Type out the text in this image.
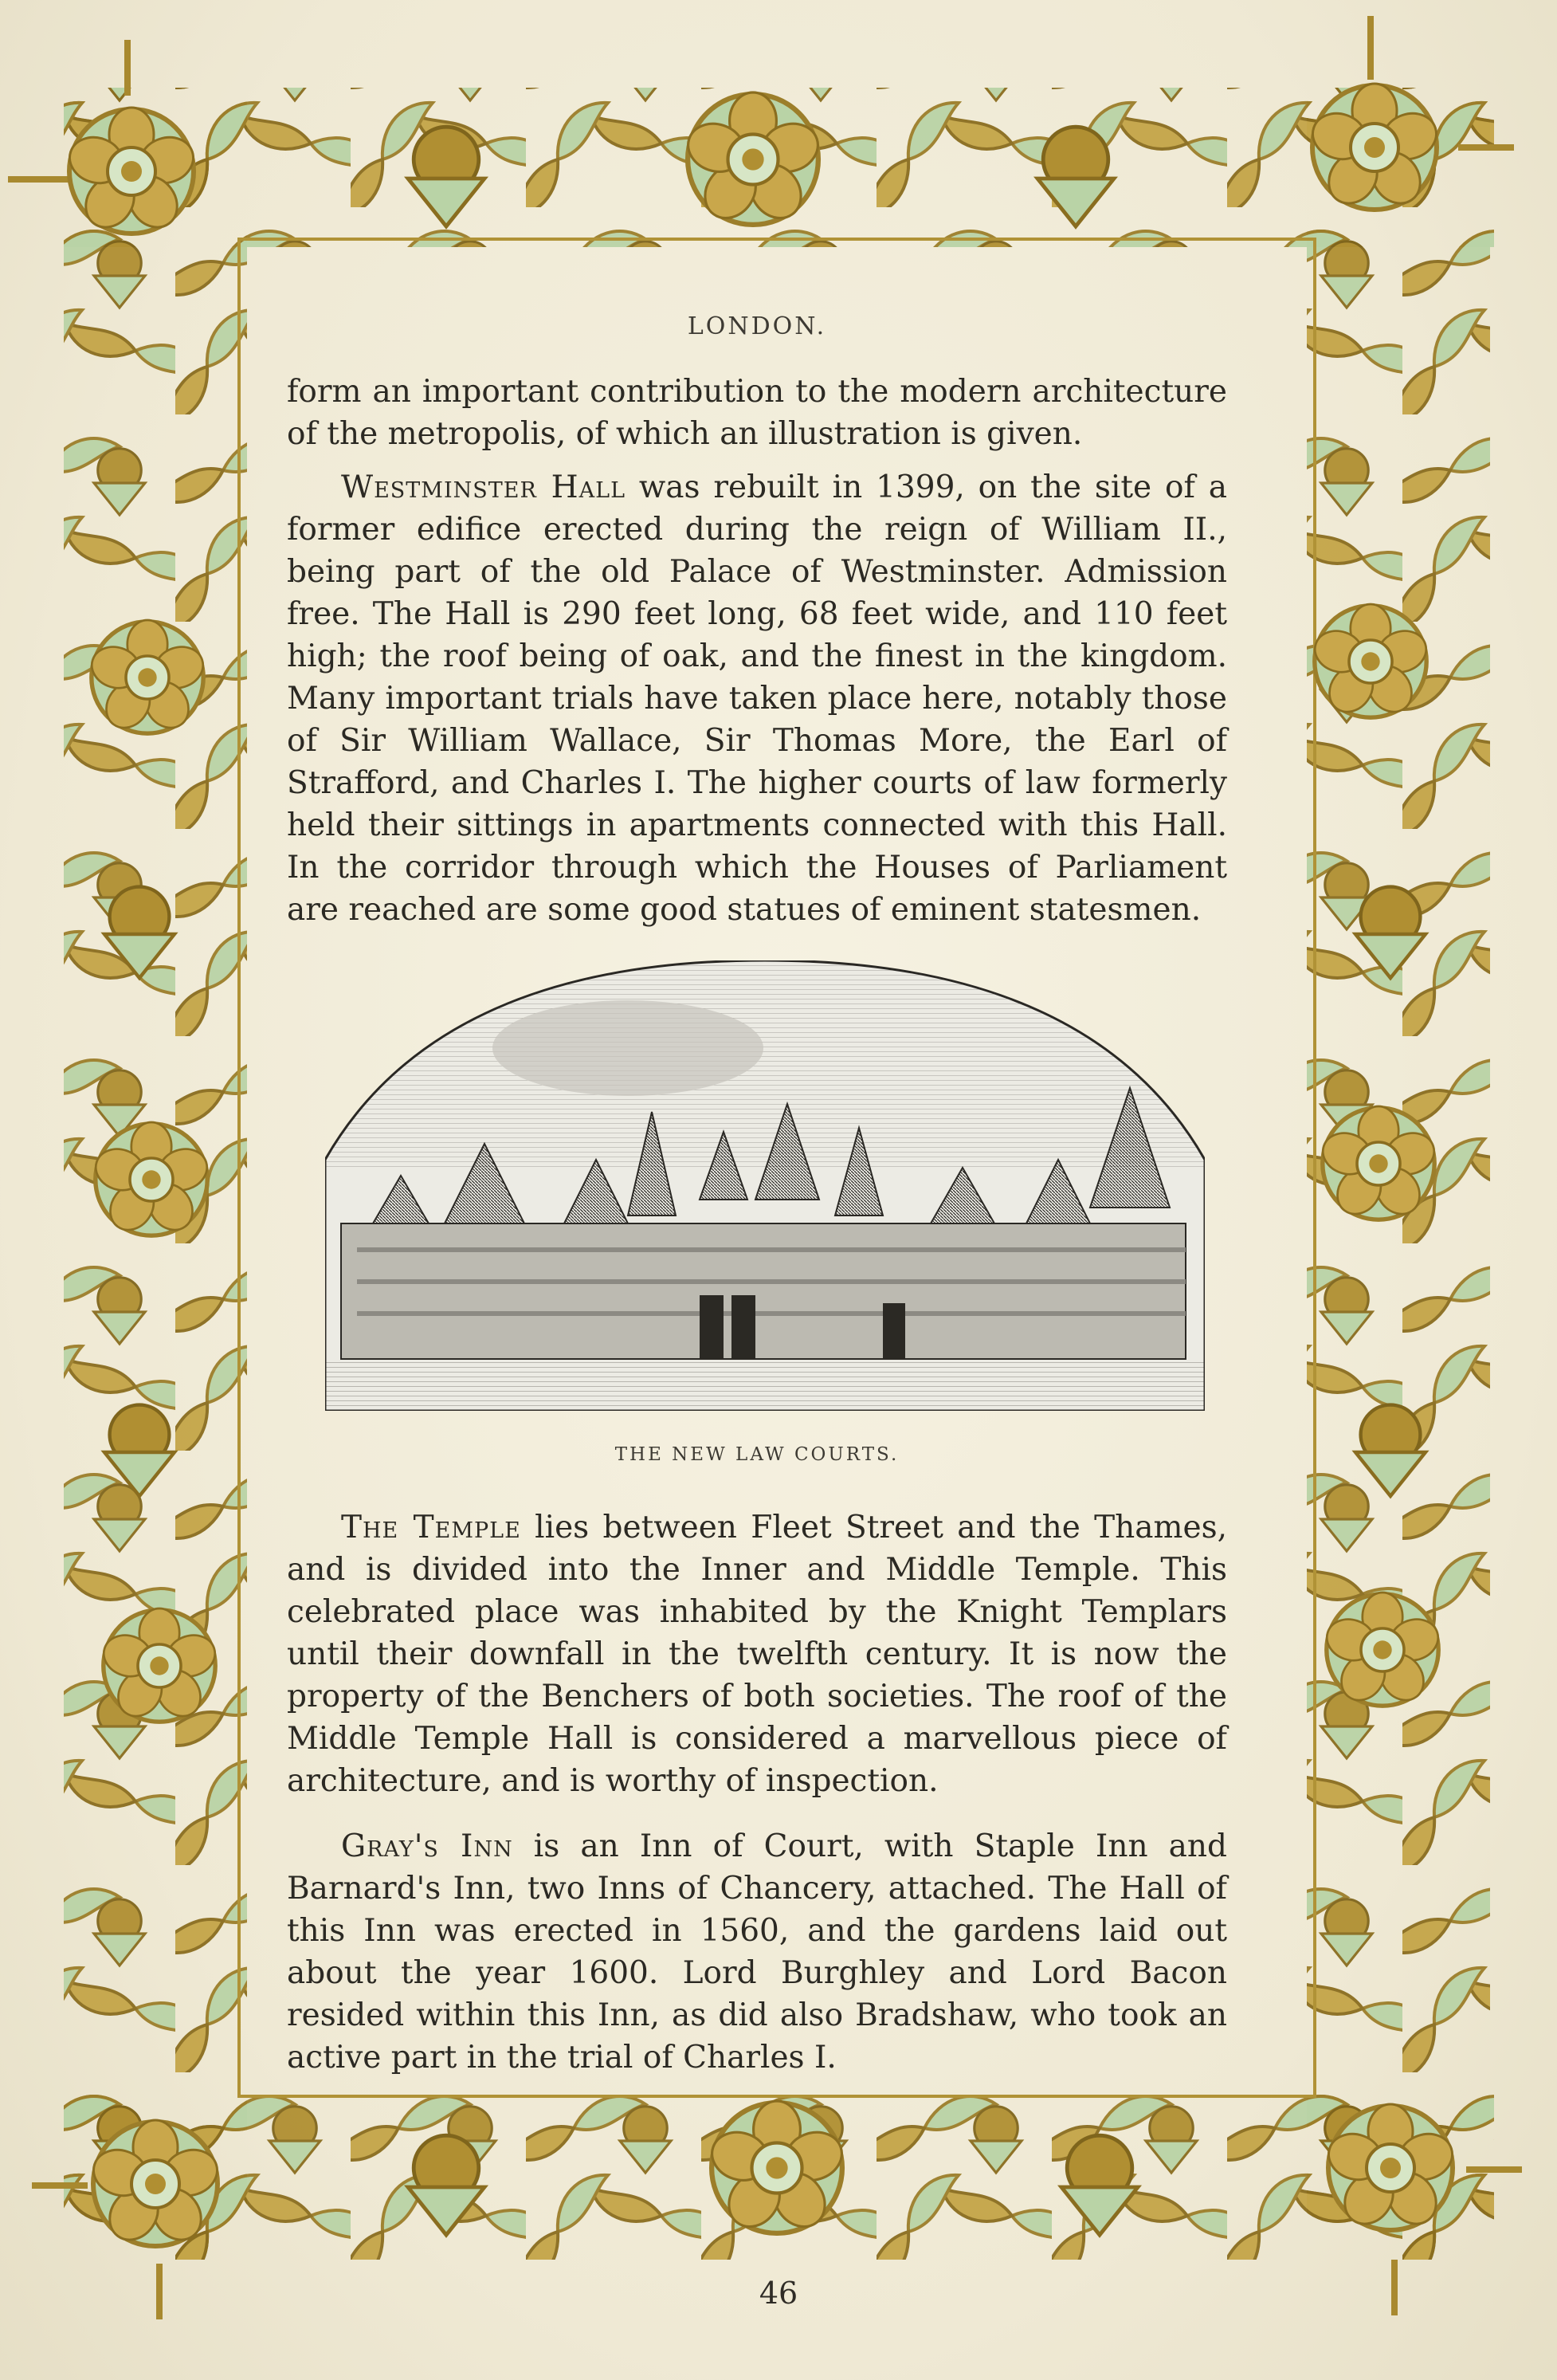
LONDON.

form an important contribution to the modern architecture of the metropolis, of which an illustration is given.

Westminster Hall was rebuilt in 1399, on the site of a former edifice erected during the reign of William II., being part of the old Palace of Westminster. Admission free. The Hall is 290 feet long, 68 feet wide, and 110 feet high; the roof being of oak, and the finest in the kingdom. Many important trials have taken place here, notably those of Sir William Wallace, Sir Thomas More, the Earl of Strafford, and Charles I. The higher courts of law formerly held their sittings in apartments connected with this Hall. In the corridor through which the Houses of Parliament are reached are some good statues of eminent statesmen.

THE NEW LAW COURTS.

The Temple lies between Fleet Street and the Thames, and is divided into the Inner and Middle Temple. This celebrated place was inhabited by the Knight Templars until their downfall in the twelfth century. It is now the property of the Benchers of both societies. The roof of the Middle Temple Hall is considered a marvellous piece of architecture, and is worthy of inspection.

Gray's Inn is an Inn of Court, with Staple Inn and Barnard's Inn, two Inns of Chancery, attached. The Hall of this Inn was erected in 1560, and the gardens laid out about the year 1600. Lord Burghley and Lord Bacon resided within this Inn, as did also Bradshaw, who took an active part in the trial of Charles I.

46
